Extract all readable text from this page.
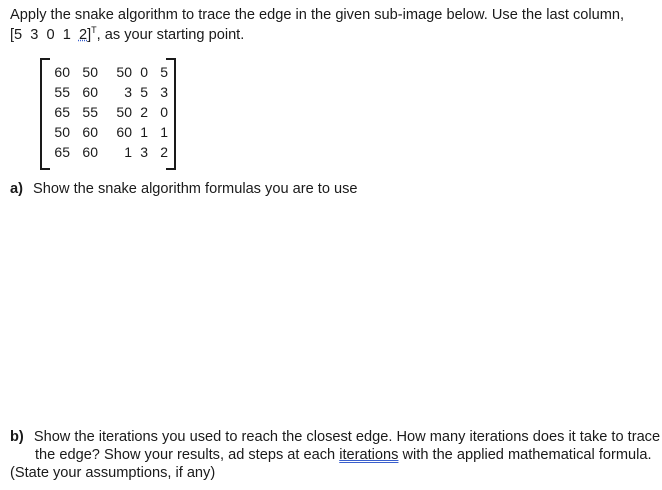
Apply the snake algorithm to trace the edge in the given sub-image below. Use the last column,
[5  3  0  1  2]$^T$, as your starting point.
60 50	50 0 5
55 60	3 5 3
65 55	50 2 0
50 60	60 1 1
65 60	1 3 2
a) Show the snake algorithm formulas you are to use
b) Show the iterations you used to reach the closest edge. How many iterations does it take to trace
the edge? Show your results, ad steps at each iterations with the applied mathematical formula.
(State your assumptions, if any)
